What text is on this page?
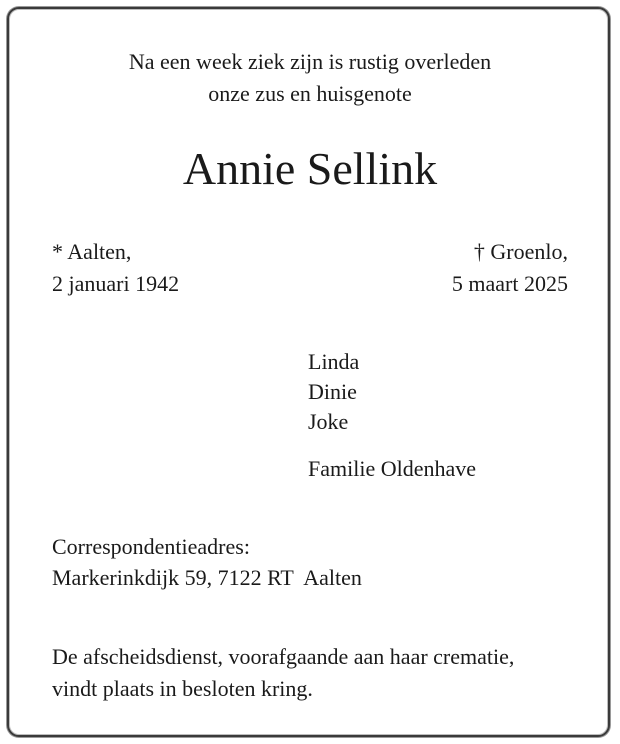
Na een week ziek zijn is rustig overleden
onze zus en huisgenote
Annie Sellink
* Aalten,
2 januari 1942
† Groenlo,
5 maart 2025
Linda
Dinie
Joke
Familie Oldenhave
Correspondentieadres:
Markerinkdijk 59, 7122 RT  Aalten
De afscheidsdienst, voorafgaande aan haar crematie,
vindt plaats in besloten kring.
